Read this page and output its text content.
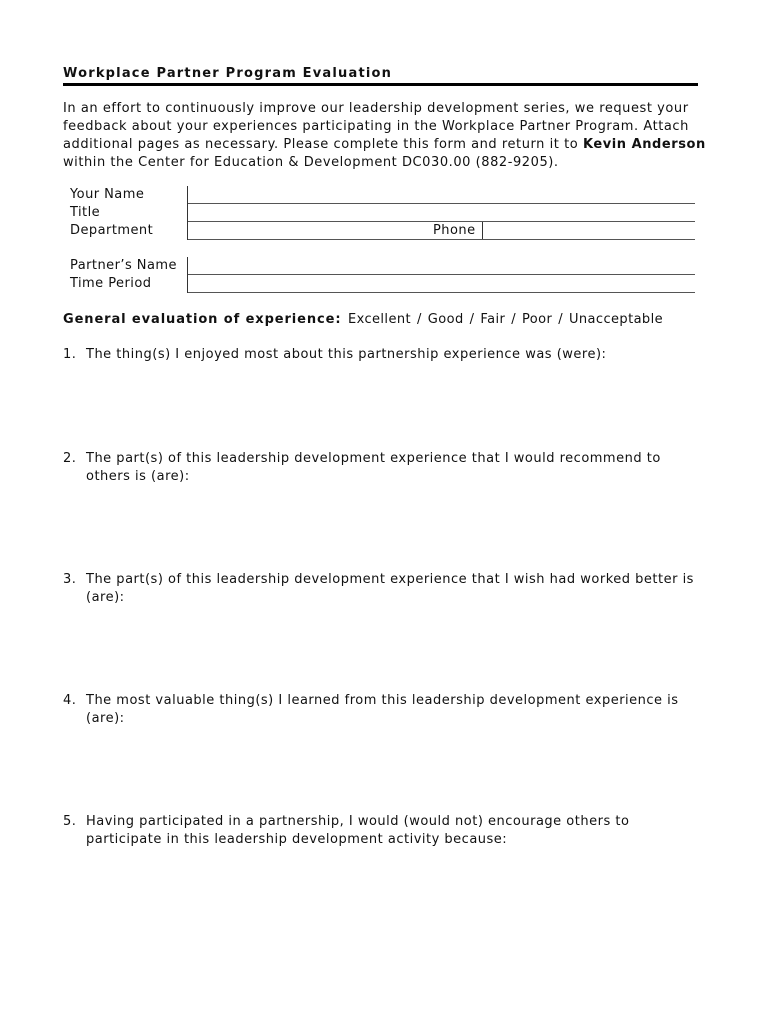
Workplace Partner Program Evaluation

In an effort to continuously improve our leadership development series, we request your

feedback about your experiences participating in the Workplace Partner Program. Attach

additional pages as necessary. Please complete this form and return it to Kevin Anderson

within the Center for Education & Development DC030.00 (882-9205).

Your Name
Title
Department	Phone
Partner’s Name
Time Period
General evaluation of experience: Excellent / Good / Fair / Poor / Unacceptable
1. The thing(s) I enjoyed most about this partnership experience was (were):
2. The part(s) of this leadership development experience that I would recommend to
others is (are):
3. The part(s) of this leadership development experience that I wish had worked better is
(are):
4. The most valuable thing(s) I learned from this leadership development experience is
(are):
5. Having participated in a partnership, I would (would not) encourage others to
participate in this leadership development activity because:
